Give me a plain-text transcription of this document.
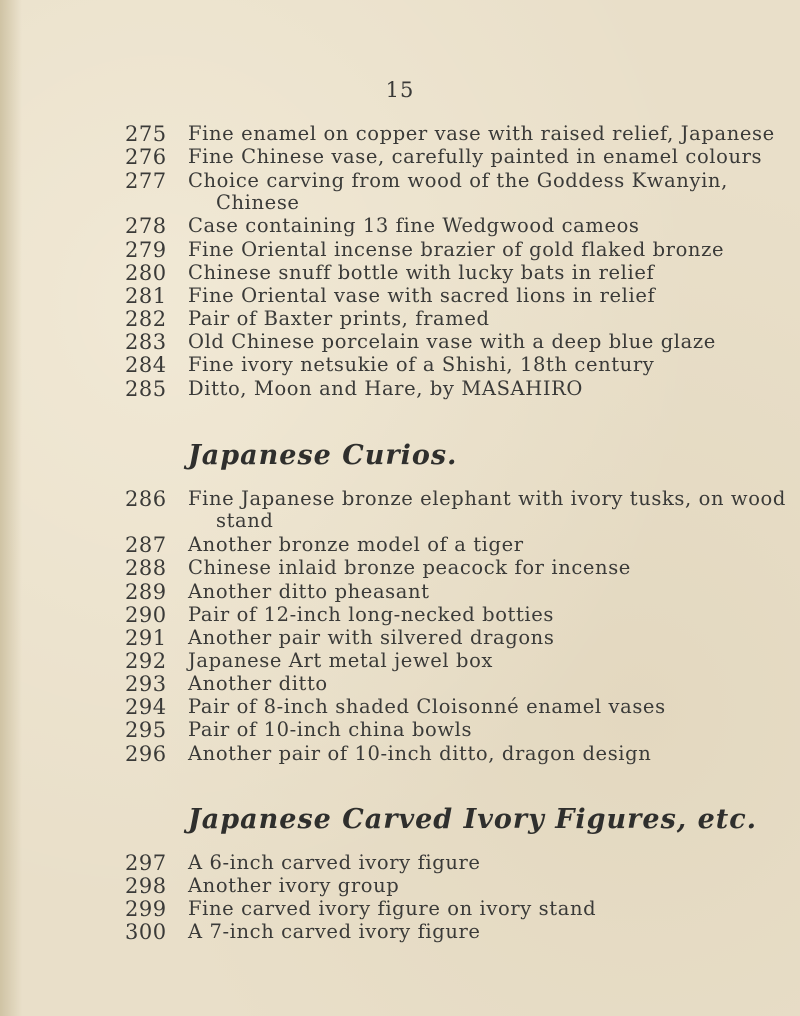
15
275	Fine enamel on copper vase with raised relief, Japanese
276	Fine Chinese vase, carefully painted in enamel colours
277	Choice carving from wood of the Goddess Kwanyin,
Chinese
278	Case containing 13 fine Wedgwood cameos
279	Fine Oriental incense brazier of gold flaked bronze
280	Chinese snuff bottle with lucky bats in relief
281	Fine Oriental vase with sacred lions in relief
282	Pair of Baxter prints, framed
283	Old Chinese porcelain vase with a deep blue glaze
284	Fine ivory netsukie of a Shishi, 18th century
285	Ditto, Moon and Hare, by MASAHIRO
Japanese Curios.
286	Fine Japanese bronze elephant with ivory tusks, on wood
stand
287	Another bronze model of a tiger
288	Chinese inlaid bronze peacock for incense
289	Another ditto pheasant
290	Pair of 12-inch long-necked botties
291	Another pair with silvered dragons
292	Japanese Art metal jewel box
293	Another ditto
294	Pair of 8-inch shaded Cloisonné enamel vases
295	Pair of 10-inch china bowls
296	Another pair of 10-inch ditto, dragon design
Japanese Carved Ivory Figures, etc.
297	A 6-inch carved ivory figure
298	Another ivory group
299	Fine carved ivory figure on ivory stand
300	A 7-inch carved ivory figure
